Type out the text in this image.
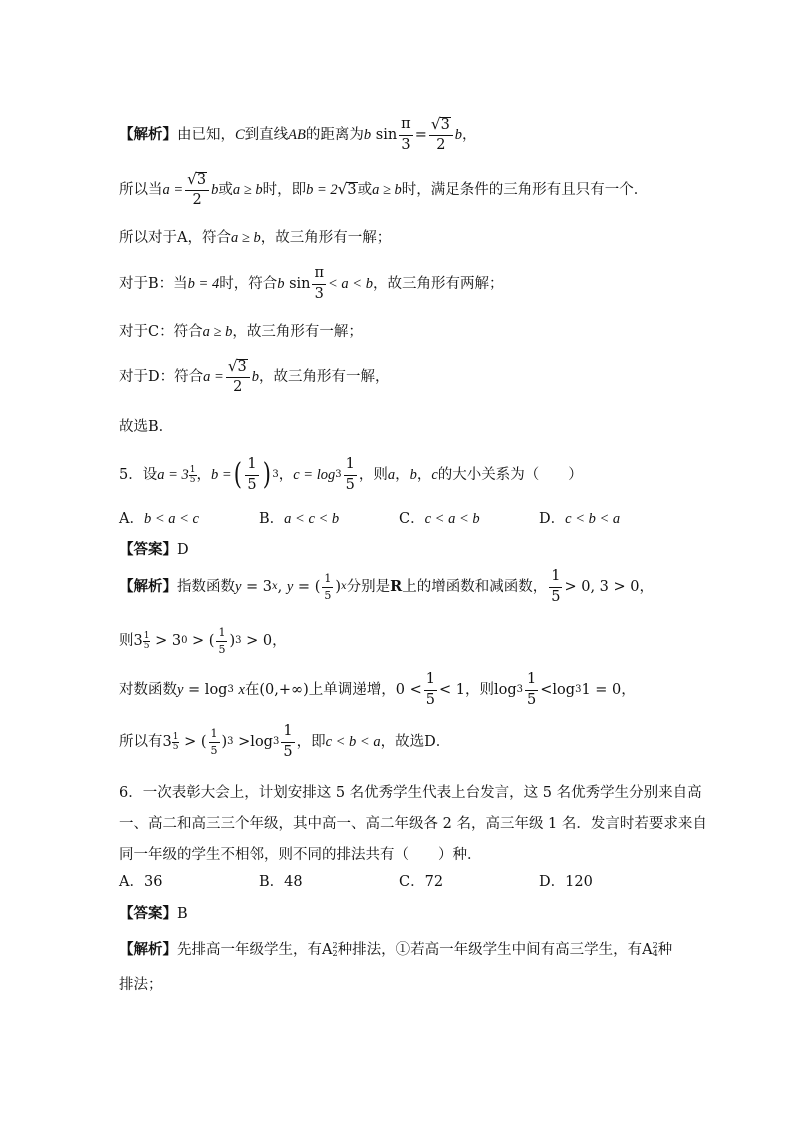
【解析】 由已知， C 到直线 AB 的距离为 b
$\sin \frac{\pi}{3} = \frac{√ 3}{2}$ b ，
所以当 $a = \frac{√ 3}{2}$ b 或 a ≥ b 时，即 b = 2 √ 3 或 a ≥ b 时，满足条件的三角形有且只有一个．
所以对于A，符合 a ≥ b ，故三角形有一解；
对于B：当 b = 4 时，符合 b
$\sin \frac{\pi}{3} < a < b$ ，故三角形有两解；
对于C：符合 a ≥ b ，故三角形有一解；
对于D：符合 $a = \frac{√ 3}{2}$ b ，故三角形有一解，
故选B．
5．设 $a = 3 \frac{1}{5}$ ， b = ( $\frac{1}{5}$ ) 3 ， $c = \log 3 \frac{1}{5}$ ，则 a ， b ， c 的大小关系为（　　）
A．b < a < c	B．a < c < b	C．c < a < b	D．c < b < a
【答案】 D
【解析】 指数函数 y = 3 x , y = ( $\frac{1}{5}$ ) x 分别是 R 上的增函数和减函数， $\frac{1}{5} > 0$, 3 > 0，
则 $3 \frac{1}{5}$
> 3 0
> ( $\frac{1}{5}$ ) 3
> 0，
对数函数 y = log 3
x 在 (0,+∞) 上单调递增， $0 < \frac{1}{5} < 1$，则 $\log 3 \frac{1}{5} <\log$ 3 1 = 0，
所以有 $3 \frac{1}{5}$
> ( $\frac{1}{5}$ ) 3
>log $3 \frac{1}{5}$ ，即 c < b < a ，故选D．
6．一次表彰大会上，计划安排这 5 名优秀学生代表上台发言，这 5 名优秀学生分别来自高
一、高二和高三三个年级，其中高一、高二年级各 2 名，高三年级 1 名．发言时若要求来自
同一年级的学生不相邻，则不同的排法共有（　　）种．
A．36	B．48	C．72	D．120
【答案】 B
【解析】 先排高一年级学生，有 A 2
2 种排法，①若高一年级学生中间有高三学生，有 A 2
4 种
排法；
